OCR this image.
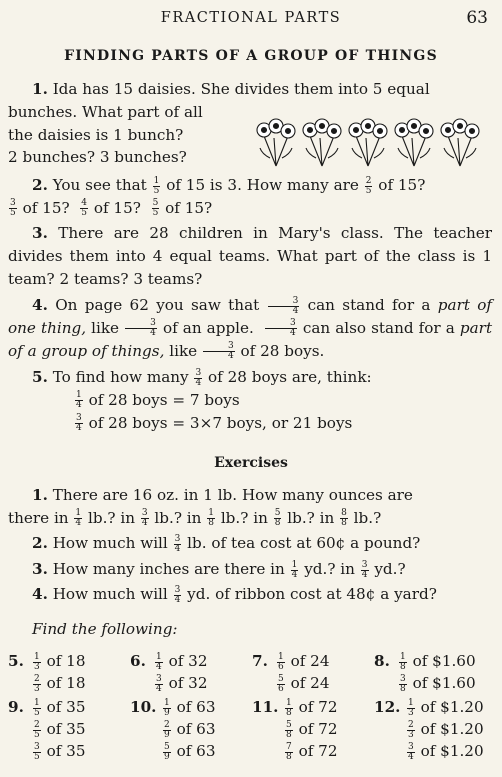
FRACTIONAL PARTS	63
FINDING PARTS OF A GROUP OF THINGS
1. Ida has 15 daisies. She divides them into 5 equal
bunches. What part of all
the daisies is 1 bunch?
2 bunches? 3 bunches?
2. You see that $\frac{1}{5}$ of 15 is 3. How many are $\frac{2}{5}$ of 15?
$\frac{3}{5}$ of 15? $\frac{4}{5}$ of 15? $\frac{5}{5}$ of 15?
3. There are 28 children in Mary's class. The teacher divides them into 4 equal teams. What part of the class is 1 team? 2 teams? 3 teams?
4. On page 62 you saw that $\frac{3}{4}$ can stand for a part of one thing, like $\frac{3}{4}$ of an apple. $\frac{3}{4}$ can also stand for a part of a group of things, like $\frac{3}{4}$ of 28 boys.
5. To find how many $\frac{3}{4}$ of 28 boys are, think:
$\frac{1}{4}$ of 28 boys = 7 boys
$\frac{3}{4}$ of 28 boys = 3×7 boys, or 21 boys
Exercises
1. There are 16 oz. in 1 lb. How many ounces are
there in $\frac{1}{4}$ lb.? in $\frac{3}{4}$ lb.? in $\frac{1}{8}$ lb.? in $\frac{5}{8}$ lb.? in $\frac{8}{8}$ lb.?
2. How much will $\frac{3}{4}$ lb. of tea cost at 60¢ a pound?
3. How many inches are there in $\frac{1}{4}$ yd.? in $\frac{3}{4}$ yd.?
4. How much will $\frac{3}{4}$ yd. of ribbon cost at 48¢ a yard?
Find the following:
5. $\frac{1}{3}$ of 18
$\frac{2}{3}$ of 18
6. $\frac{1}{4}$ of 32
$\frac{3}{4}$ of 32
7. $\frac{1}{6}$ of 24
$\frac{5}{6}$ of 24
8. $\frac{1}{8}$ of $1.60
$\frac{3}{8}$ of $1.60
9. $\frac{1}{5}$ of 35
$\frac{2}{5}$ of 35
$\frac{3}{5}$ of 35
10. $\frac{1}{9}$ of 63
$\frac{2}{9}$ of 63
$\frac{5}{9}$ of 63
11. $\frac{1}{8}$ of 72
$\frac{5}{8}$ of 72
$\frac{7}{8}$ of 72
12. $\frac{1}{3}$ of $1.20
$\frac{2}{3}$ of $1.20
$\frac{3}{4}$ of $1.20
